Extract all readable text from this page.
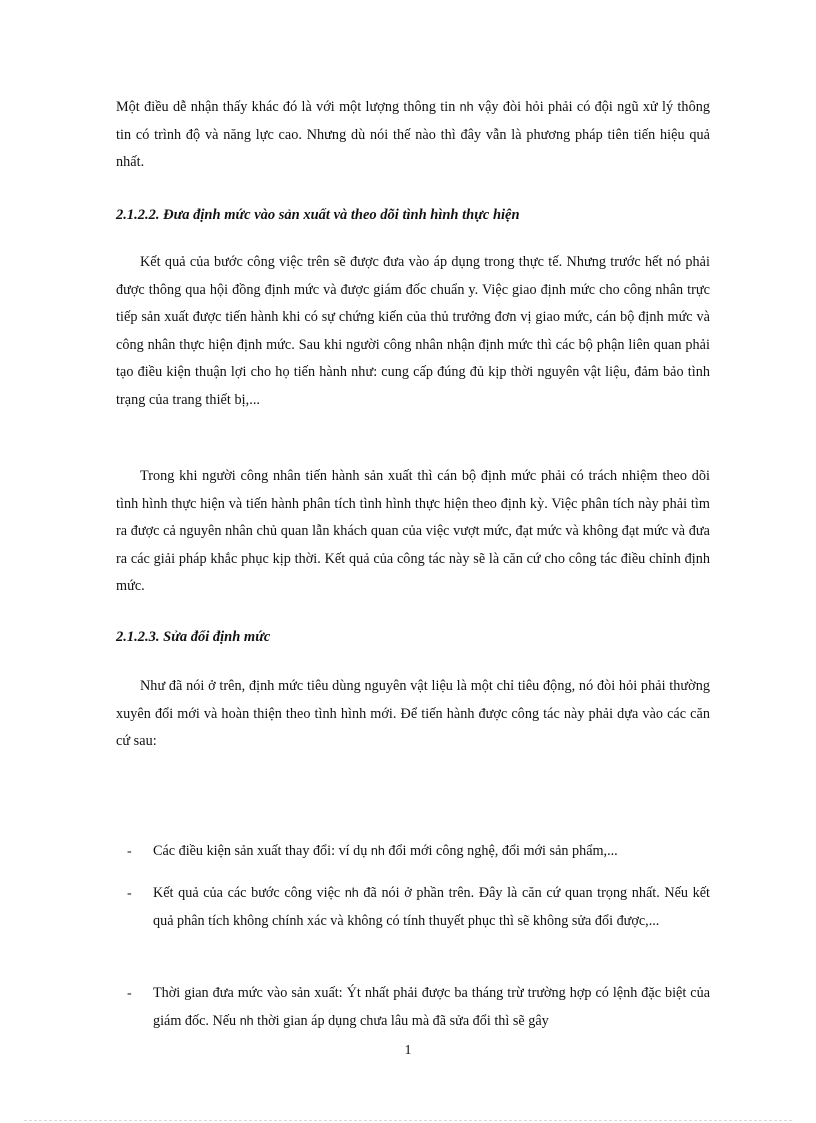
Một điều dễ nhận thấy khác đó là với một lượng thông tin nh vậy đòi hỏi phải có đội ngũ xử lý thông tin có trình độ và năng lực cao. Nhưng dù nói thế nào thì đây vẫn là phương pháp tiên tiến hiệu quả nhất.

2.1.2.2. Đưa định mức vào sản xuất và theo dõi tình hình thực hiện

Kết quả của bước công việc trên sẽ được đưa vào áp dụng trong thực tế. Nhưng trước hết nó phải được thông qua hội đồng định mức và được giám đốc chuẩn y. Việc giao định mức cho công nhân trực tiếp sản xuất được tiến hành khi có sự chứng kiến của thủ trưởng đơn vị giao mức, cán bộ định mức và công nhân thực hiện định mức. Sau khi người công nhân nhận định mức thì các bộ phận liên quan phải tạo điều kiện thuận lợi cho họ tiến hành như: cung cấp đúng đủ kịp thời nguyên vật liệu, đảm bảo tình trạng của trang thiết bị,...

Trong khi người công nhân tiến hành sản xuất thì cán bộ định mức phải có trách nhiệm theo dõi tình hình thực hiện và tiến hành phân tích tình hình thực hiện theo định kỳ. Việc phân tích này phải tìm ra được cả nguyên nhân chủ quan lẫn khách quan của việc vượt mức, đạt mức và không đạt mức và đưa ra các giải pháp khắc phục kịp thời. Kết quả của công tác này sẽ là căn cứ cho công tác điều chỉnh định mức.

2.1.2.3. Sửa đổi định mức

Như đã nói ở trên, định mức tiêu dùng nguyên vật liệu là một chỉ tiêu động, nó đòi hỏi phải thường xuyên đổi mới và hoàn thiện theo tình hình mới. Để tiến hành được công tác này phải dựa vào các căn cứ sau:

- Các điều kiện sản xuất thay đổi: ví dụ nh đổi mới công nghệ, đổi mới sản phẩm,...

- Kết quả của các bước công việc nh đã nói ở phần trên. Đây là căn cứ quan trọng nhất. Nếu kết quả phân tích không chính xác và không có tính thuyết phục thì sẽ không sửa đổi được,...

- Thời gian đưa mức vào sản xuất: Ýt nhất phải được ba tháng trừ trường hợp có lệnh đặc biệt của giám đốc. Nếu nh thời gian áp dụng chưa lâu mà đã sửa đổi thì sẽ gây

1
